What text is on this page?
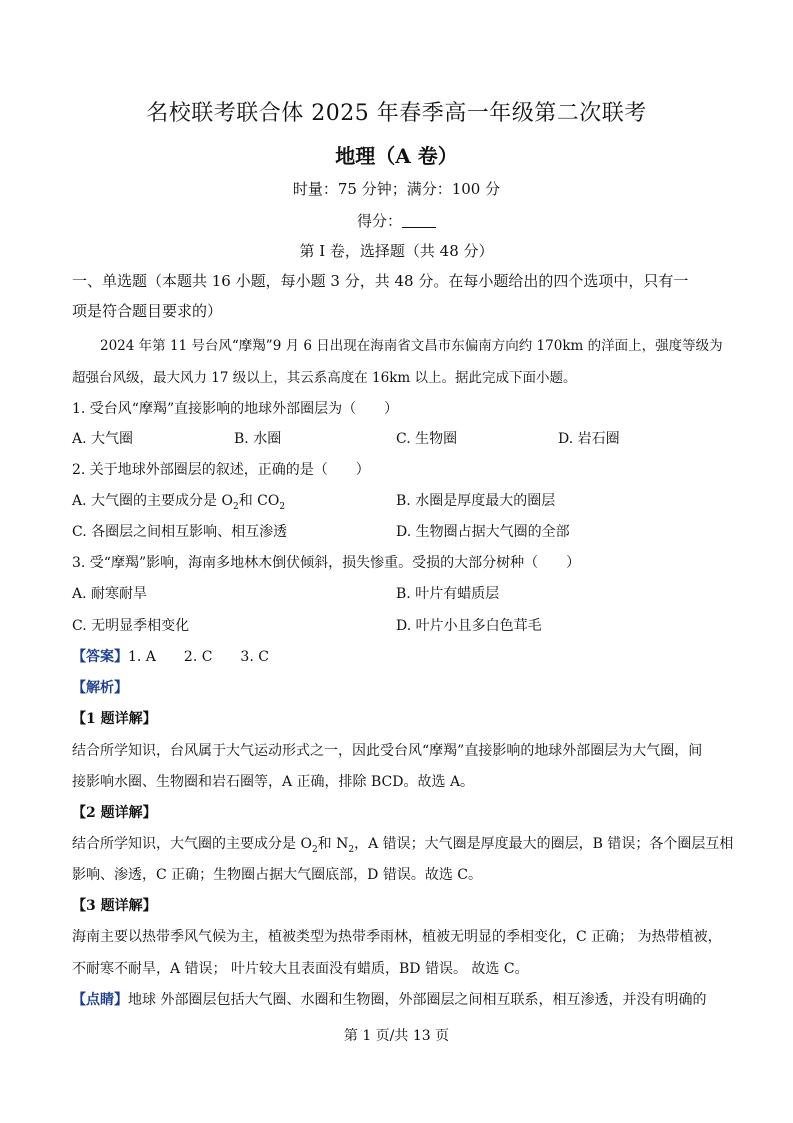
名校联考联合体 2025 年春季高一年级第二次联考
地理（A 卷）
时量：75 分钟；满分：100 分
得分：
第 I 卷，选择题（共 48 分）
一、单选题（本题共 16 小题，每小题 3 分，共 48 分。在每小题给出的四个选项中，只有一
项是符合题目要求的）
2024 年第 11 号台风“摩羯”9 月 6 日出现在海南省文昌市东偏南方向约 170km 的洋面上，强度等级为
超强台风级，最大风力 17 级以上，其云系高度在 16km 以上。据此完成下面小题。
1. 受台风“摩羯”直接影响的地球外部圈层为（　　）
A. 大气圈	B. 水圈	C. 生物圈	D. 岩石圈
2. 关于地球外部圈层的叙述，正确的是（　　）
A. 大气圈的主要成分是 $O_2$和 $CO_2$	B. 水圈是厚度最大的圈层
C. 各圈层之间相互影响、相互渗透	D. 生物圈占据大气圈的全部
3. 受“摩羯”影响，海南多地林木倒伏倾斜，损失惨重。受损的大部分树种（　　）
A. 耐寒耐旱	B. 叶片有蜡质层
C. 无明显季相变化	D. 叶片小且多白色茸毛
【答案】1. A　　2. C　　3. C
【解析】
【1 题详解】
结合所学知识，台风属于大气运动形式之一，因此受台风“摩羯”直接影响的地球外部圈层为大气圈，间
接影响水圈、生物圈和岩石圈等，A 正确，排除 BCD。故选 A。
【2 题详解】
结合所学知识，大气圈的主要成分是 $O_2$和 $N_2$，A 错误；大气圈是厚度最大的圈层，B 错误；各个圈层互相
影响、渗透，C 正确；生物圈占据大气圈底部，D 错误。故选 C。
【3 题详解】
海南主要以热带季风气候为主，植被类型为热带季雨林，植被无明显的季相变化，C 正确； 为热带植被，
不耐寒不耐旱，A 错误； 叶片较大且表面没有蜡质，BD 错误。 故选 C。
【点睛】地球 外部圈层包括大气圈、水圈和生物圈，外部圈层之间相互联系，相互渗透，并没有明确的
第 1 页/共 13 页
